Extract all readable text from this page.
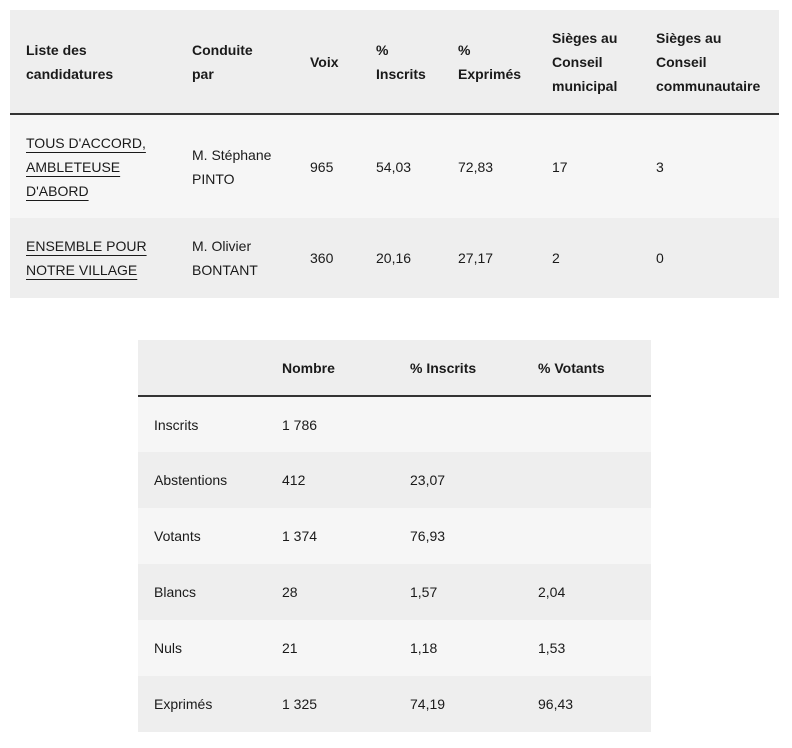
Liste des candidatures	Conduite par	Voix	% Inscrits	% Exprimés	Sièges au Conseil municipal	Sièges au Conseil communautaire
TOUS D'ACCORD, AMBLETEUSE D'ABORD	M. Stéphane PINTO	965	54,03	72,83	17	3
ENSEMBLE POUR NOTRE VILLAGE	M. Olivier BONTANT	360	20,16	27,17	2	0
	Nombre	% Inscrits	% Votants
Inscrits	1 786		
Abstentions	412	23,07	
Votants	1 374	76,93	
Blancs	28	1,57	2,04
Nuls	21	1,18	1,53
Exprimés	1 325	74,19	96,43
